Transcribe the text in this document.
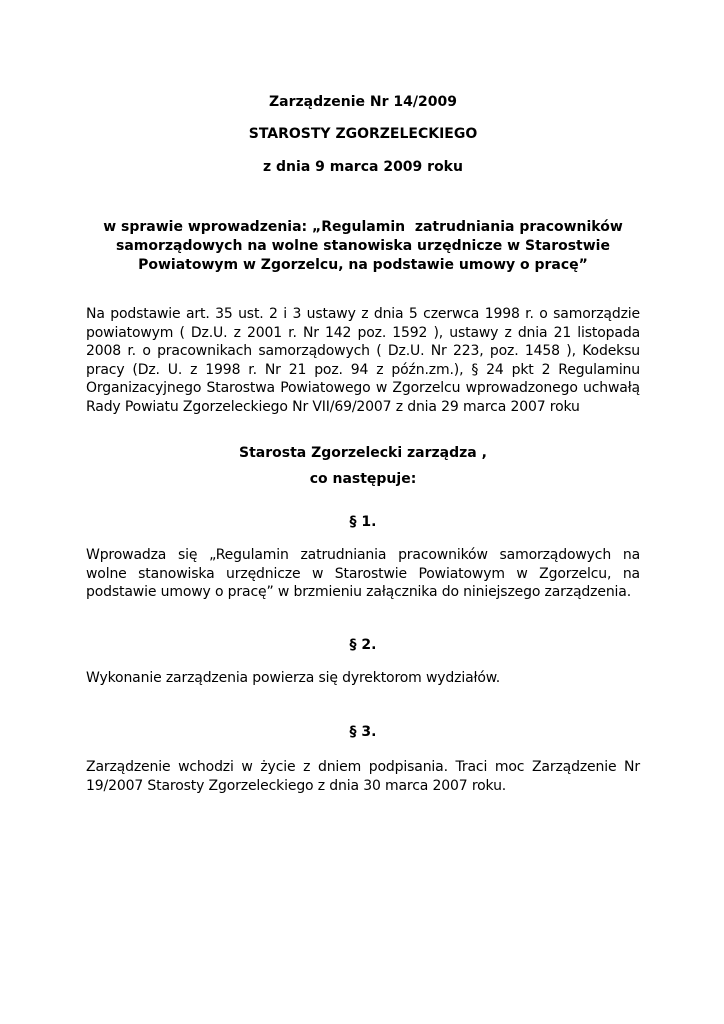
Zarządzenie Nr 14/2009
STAROSTY ZGORZELECKIEGO
z dnia 9 marca 2009 roku
w sprawie wprowadzenia: „Regulamin  zatrudniania pracowników
samorządowych na wolne stanowiska urzędnicze w Starostwie
Powiatowym w Zgorzelcu, na podstawie umowy o pracę”
Na podstawie art. 35 ust. 2 i 3 ustawy z dnia 5 czerwca 1998 r. o samorządzie powiatowym ( Dz.U. z 2001 r. Nr 142 poz. 1592 ), ustawy z dnia 21 listopada 2008 r. o pracownikach samorządowych ( Dz.U. Nr 223, poz. 1458 ), Kodeksu pracy (Dz. U. z 1998 r. Nr 21 poz. 94 z późn.zm.), § 24 pkt 2 Regulaminu Organizacyjnego Starostwa Powiatowego w Zgorzelcu wprowadzonego uchwałą Rady Powiatu Zgorzeleckiego Nr VII/69/2007 z dnia 29 marca 2007 roku
Starosta Zgorzelecki zarządza ,
co następuje:
§ 1.
Wprowadza się „Regulamin zatrudniania pracowników samorządowych na wolne stanowiska urzędnicze w Starostwie Powiatowym w Zgorzelcu, na podstawie umowy o pracę” w brzmieniu załącznika do niniejszego zarządzenia.
§ 2.
Wykonanie zarządzenia powierza się dyrektorom wydziałów.
§ 3.
Zarządzenie wchodzi w życie z dniem podpisania. Traci moc Zarządzenie Nr 19/2007 Starosty Zgorzeleckiego z dnia 30 marca 2007 roku.
